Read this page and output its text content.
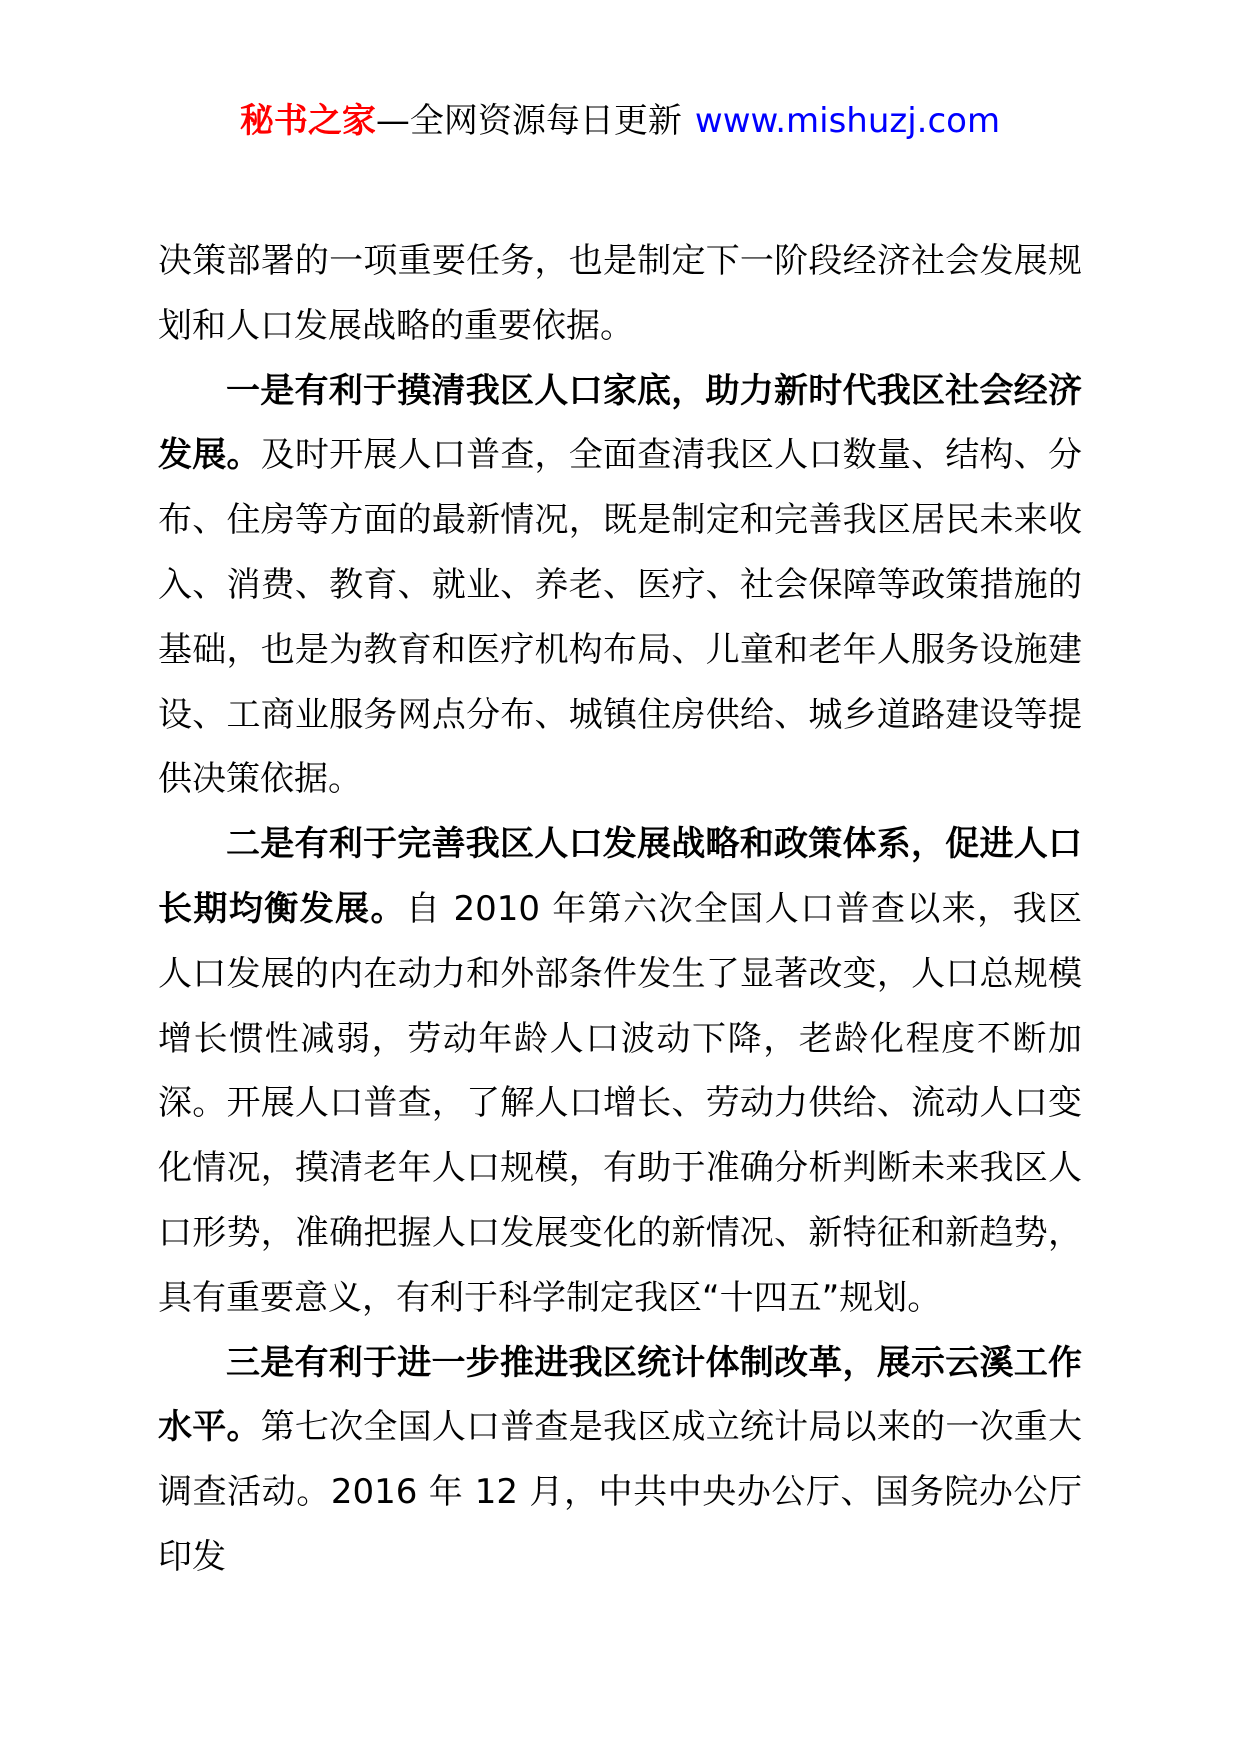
秘书之家—全网资源每日更新 www.mishuzj.com

决策部署的一项重要任务，也是制定下一阶段经济社会发展规划和人口发展战略的重要依据。

一是有利于摸清我区人口家底，助力新时代我区社会经济发展。及时开展人口普查，全面查清我区人口数量、结构、分布、住房等方面的最新情况，既是制定和完善我区居民未来收入、消费、教育、就业、养老、医疗、社会保障等政策措施的基础，也是为教育和医疗机构布局、儿童和老年人服务设施建设、工商业服务网点分布、城镇住房供给、城乡道路建设等提供决策依据。

二是有利于完善我区人口发展战略和政策体系，促进人口长期均衡发展。自 2010 年第六次全国人口普查以来，我区人口发展的内在动力和外部条件发生了显著改变，人口总规模增长惯性减弱，劳动年龄人口波动下降，老龄化程度不断加深。开展人口普查，了解人口增长、劳动力供给、流动人口变化情况，摸清老年人口规模，有助于准确分析判断未来我区人口形势，准确把握人口发展变化的新情况、新特征和新趋势，具有重要意义，有利于科学制定我区“十四五”规划。

三是有利于进一步推进我区统计体制改革，展示云溪工作水平。第七次全国人口普查是我区成立统计局以来的一次重大调查活动。2016 年 12 月，中共中央办公厅、国务院办公厅印发
